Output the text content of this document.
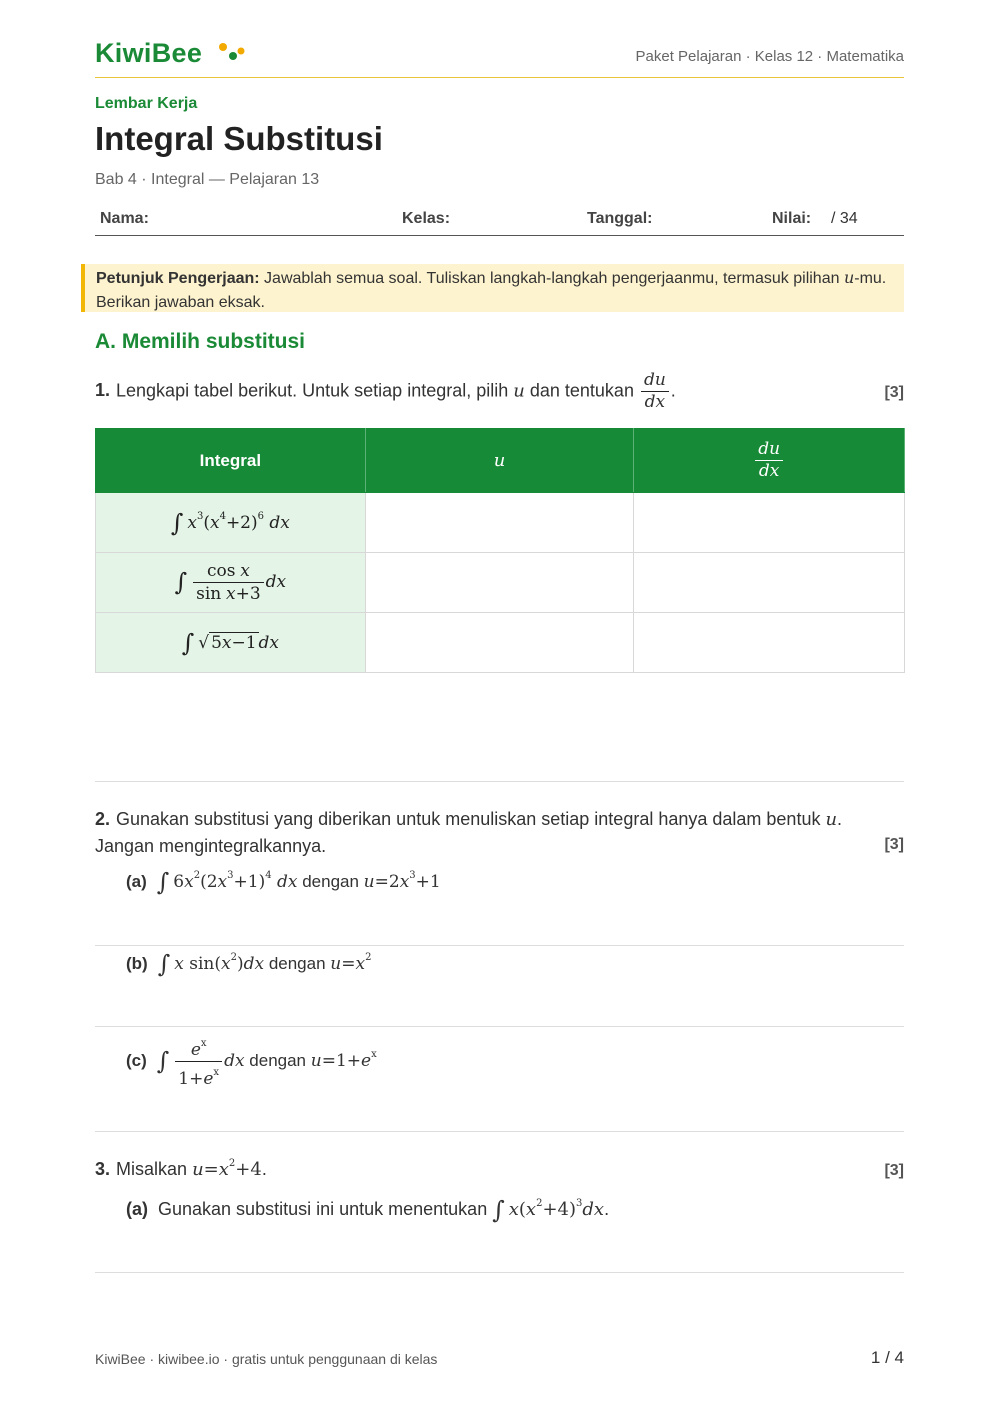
KiwiBee	Paket Pelajaran · Kelas 12 · Matematika
Lembar Kerja
Integral Substitusi
Bab 4 · Integral — Pelajaran 13
Nama:	Kelas:	Tanggal:	Nilai: / 34
Petunjuk Pengerjaan: Jawablah semua soal. Tuliskan langkah-langkah pengerjaanmu, termasuk pilihan u-mu. Berikan jawaban eksak.
A. Memilih substitusi
1. Lengkapi tabel berikut. Untuk setiap integral, pilih u dan tentukan $\frac{du}{dx}$ .	[3]
Integral	u	$\frac{du}{dx}$

∫ $x^3(x^4+2)^6$ dx		
∫ $\frac{\text{cos x}}{\text{sin x+3}}$ dx		
∫ √ 5x−1 dx		
2. Gunakan substitusi yang diberikan untuk menuliskan setiap integral hanya dalam bentuk u.
Jangan mengintegralkannya.	[3]
(a) ∫ $6x^2(2x^3+1)^4$ dx dengan $u=2x^3+1$
(b) ∫ x $\sin(x^2)dx$ dengan $u=x^2$
(c) ∫ $\frac{e^x}{1+e^x}$ dx dengan $u=1+e^x$
3. Misalkan $u=x^2+4$.	[3]
(a) Gunakan substitusi ini untuk menentukan ∫ $x(x^2+4)^3dx$.
KiwiBee · kiwibee.io · gratis untuk penggunaan di kelas	1 / 4
